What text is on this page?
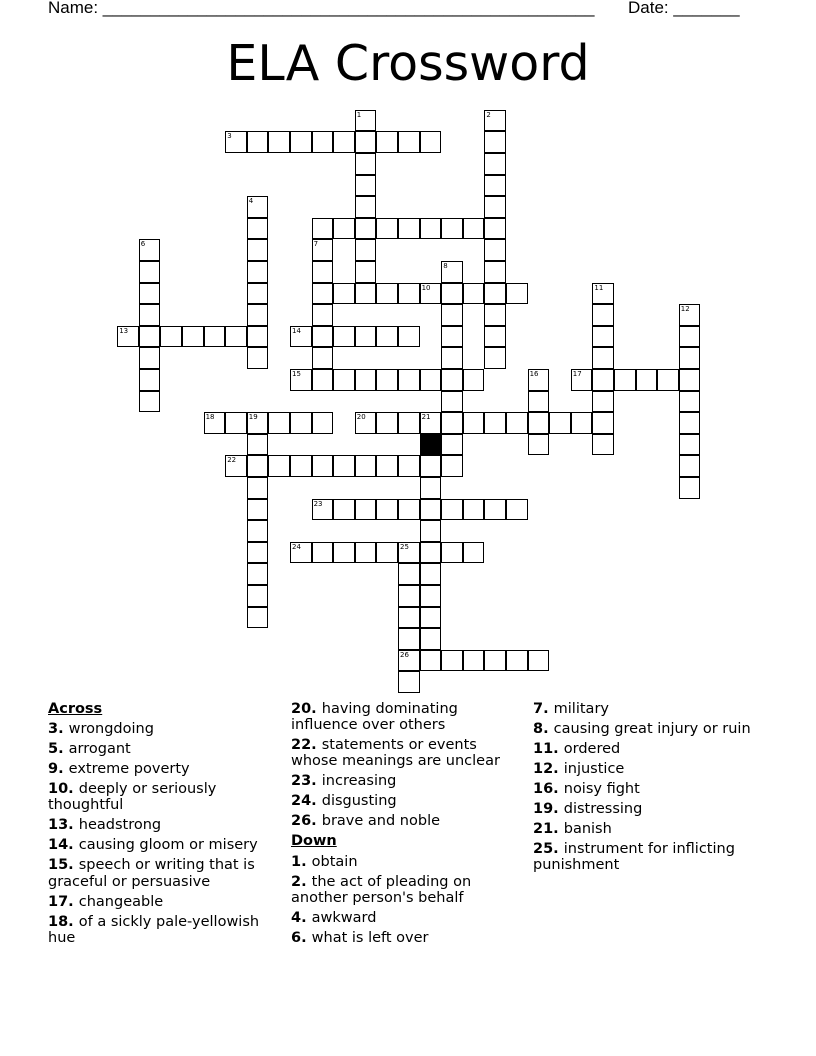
Name: ____________________________________________________ Date: _______
ELA Crossword
3
10
13	14
15	17
18	19	20	21
22
23
24	25
26
1	2
4
6	7
8
11
12
16
Across
3. wrongdoing
5. arrogant
9. extreme poverty
10. deeply or seriously thoughtful
13. headstrong
14. causing gloom or misery
15. speech or writing that is graceful or persuasive
17. changeable
18. of a sickly pale-yellowish hue
20. having dominating influence over others
22. statements or events whose meanings are unclear
23. increasing
24. disgusting
26. brave and noble
Down
1. obtain
2. the act of pleading on another person's behalf
4. awkward
6. what is left over
7. military
8. causing great injury or ruin
11. ordered
12. injustice
16. noisy fight
19. distressing
21. banish
25. instrument for inflicting punishment
